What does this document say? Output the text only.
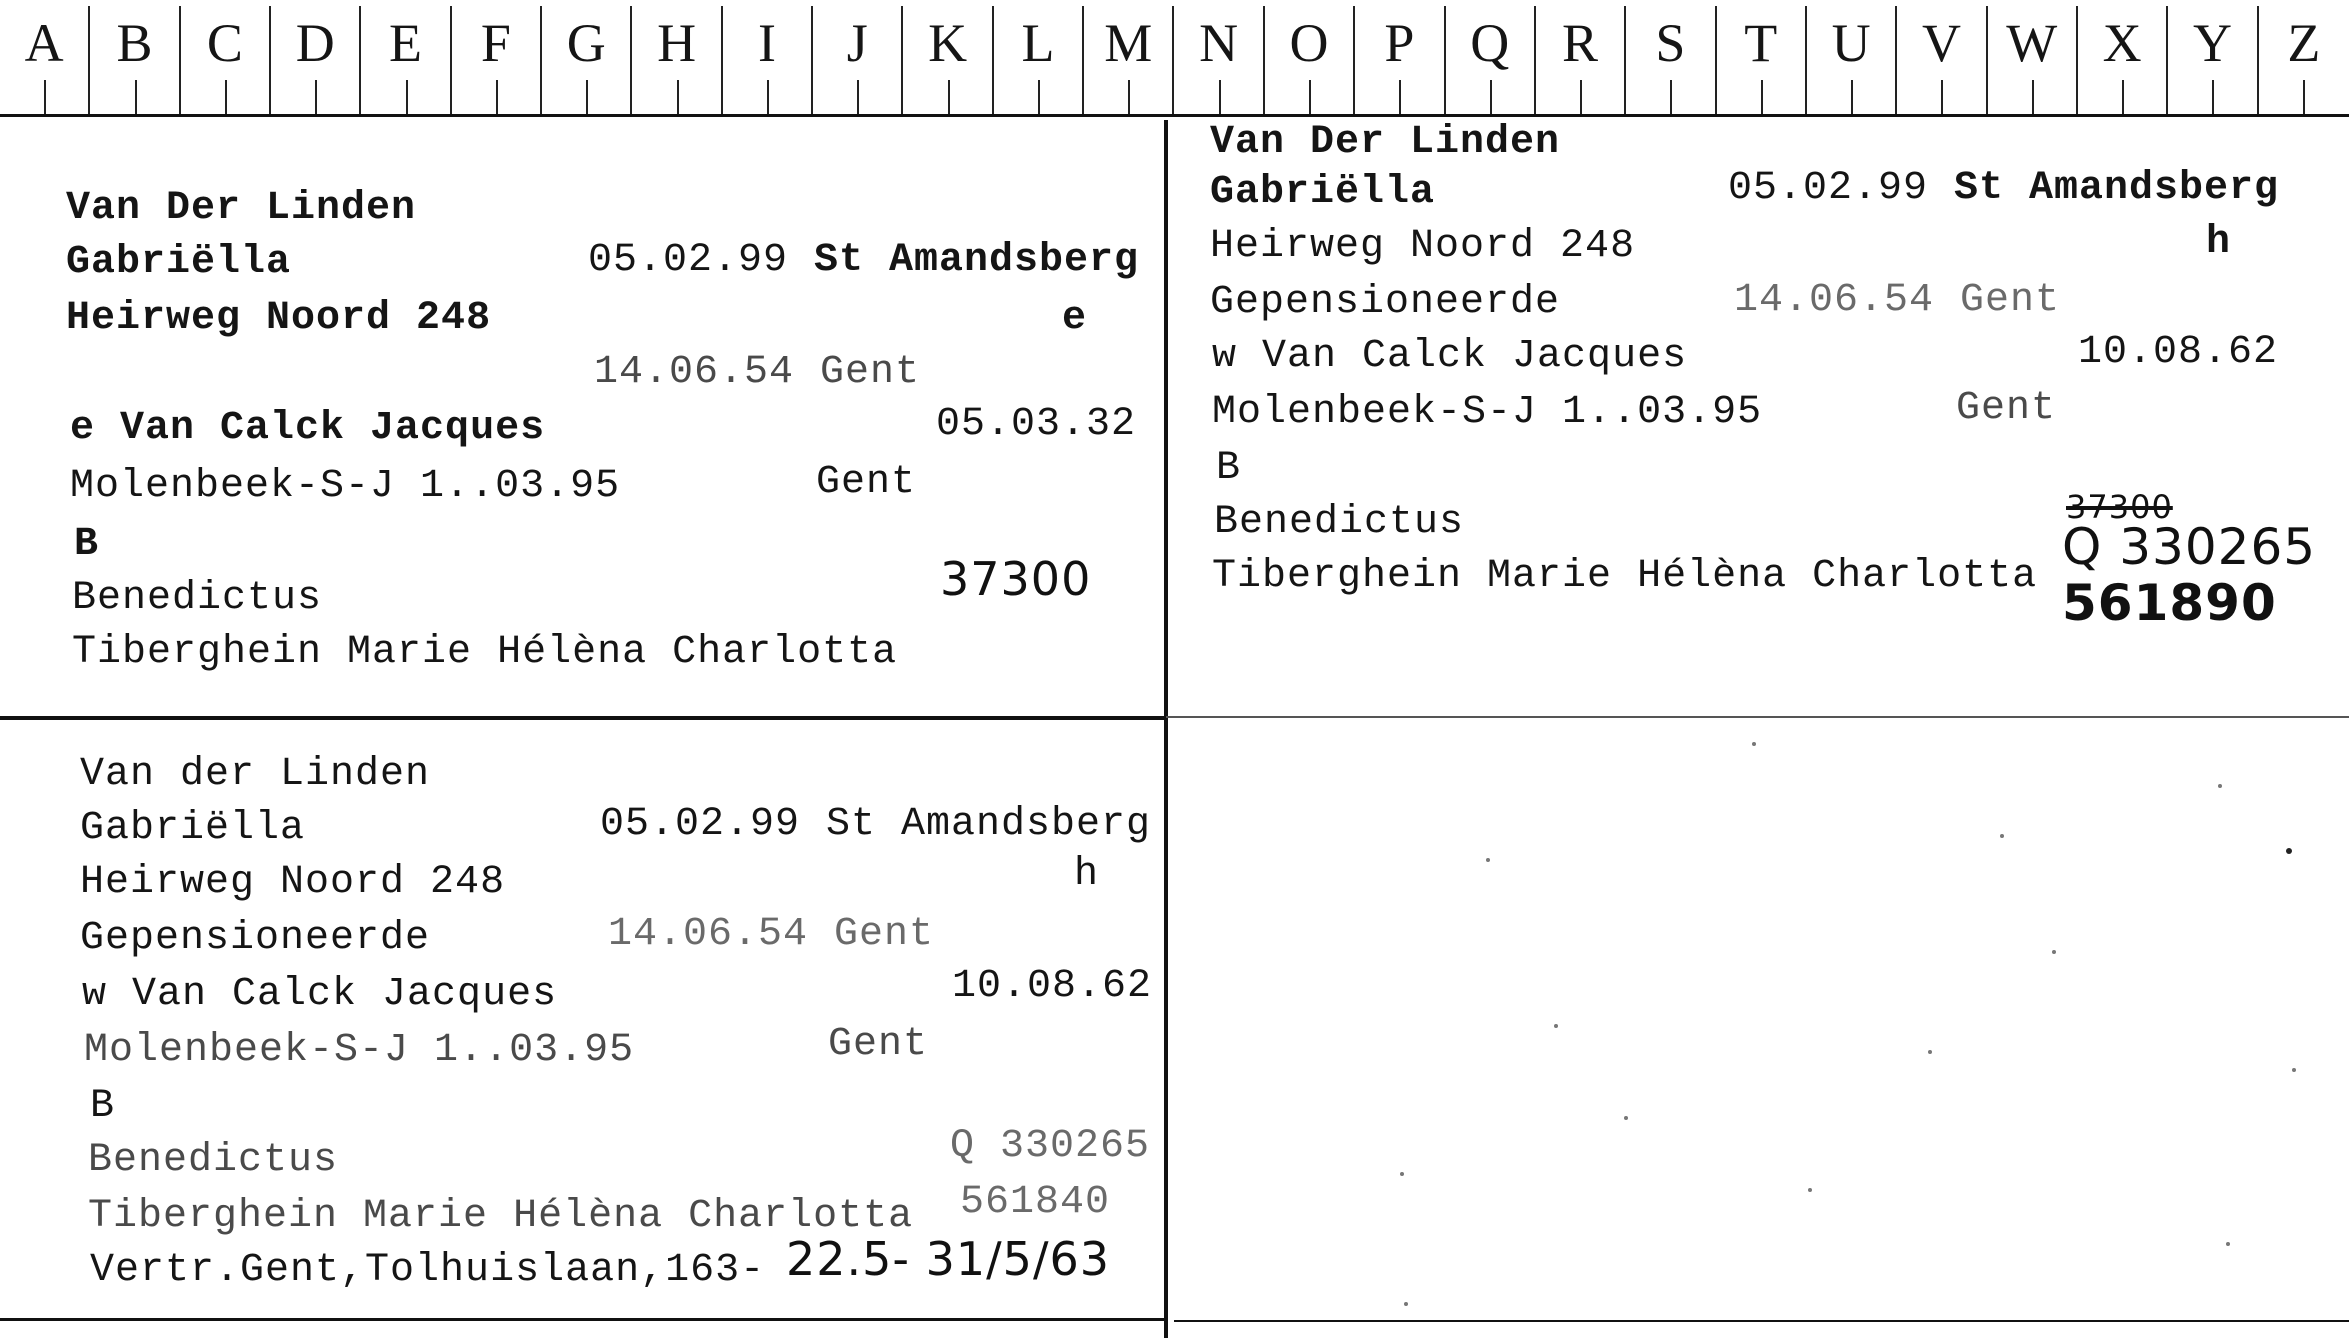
A B	C D	E	F	G H	I	J	K	L M N O	P	Q R	S	T	U V W X Y	Z
Van Der Linden
Gabriëlla	05.02.99 St Amandsberg
Heirweg Noord 248	e
14.06.54 Gent
e Van Calck Jacques	05.03.32
Molenbeek-S-J 1..03.95	Gent
B
Benedictus	37300
Tiberghein Marie Hélèna Charlotta
Van Der Linden
Gabriëlla	05.02.99 St Amandsberg
Heirweg Noord 248	h
Gepensioneerde	14.06.54 Gent
w Van Calck Jacques	10.08.62
Molenbeek-S-J 1..03.95	Gent
B
Benedictus	37300
Tiberghein Marie Hélèna Charlotta
Q 330265
561890
Van der Linden
Gabriëlla	05.02.99 St Amandsberg
Heirweg Noord 248	h
Gepensioneerde	14.06.54 Gent
w Van Calck Jacques	10.08.62
Molenbeek-S-J 1..03.95	Gent
B
Benedictus	Q 330265
Tiberghein Marie Hélèna Charlotta 561840
Vertr.Gent,Tolhuislaan,163- 22.5- 31/5/63
